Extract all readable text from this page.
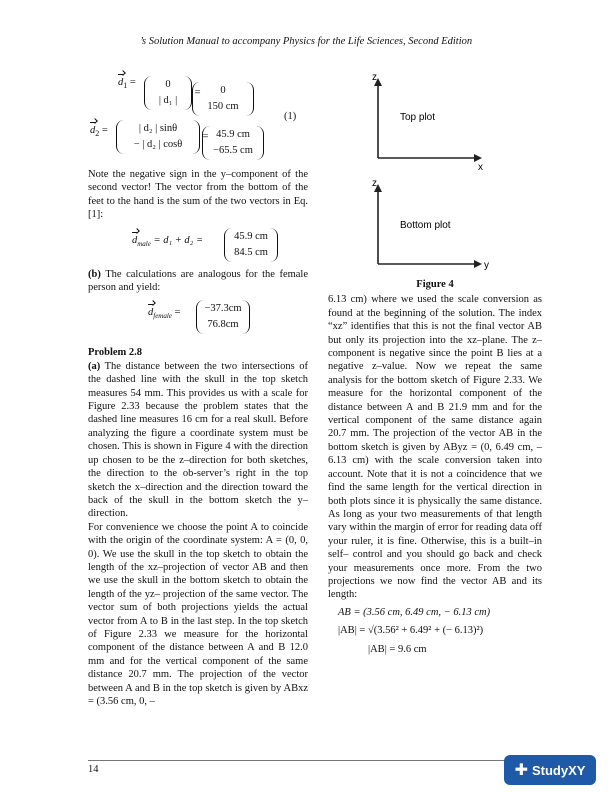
’s Solution Manual to accompany Physics for the Life Sciences, Second Edition
$d_1$ =	0
| d₁ |
=	0
150 cm
$d_2$ =	| d₂ | sinθ
− | d₂ | cosθ
= 45.9 cm
−65.5 cm
(1)

Note the negative sign in the y–component of the second vector! The vector from the bottom of the feet to the hand is the sum of the two vectors in Eq. [1]:

$d_{male} = d_1 + d_2$ =	45.9 cm
84.5 cm

(b) The calculations are analogous for the female person and yield:

$d_{female} = -37.3cm$
76.8cm
Problem 2.8

(a) The distance between the two intersections of the dashed line with the skull in the top sketch measures 54 mm. This provides us with a scale for Figure 2.33 because the problem states that the dashed line measures 16 cm for a real skull. Before analyzing the figure a coordinate system must be chosen. This is shown in Figure 4 with the direction up chosen to be the z–direction for both sketches, the direction to the ob-server’s right in the top sketch the x–direction and the direction toward the back of the skull in the bottom sketch the y–direction.

For convenience we choose the point A to coincide with the origin of the coordinate system: A = (0, 0, 0). We use the skull in the top sketch to obtain the length of the xz–projection of vector AB and then we use the skull in the bottom sketch to obtain the length of the yz– projection of the same vector. The vector sum of both projections yields the actual vector from A to B in the last step. In the top sketch of Figure 2.33 we measure for the horizontal component of the distance between A and B 12.0 mm and for the vertical component of the same distance 20.7 mm. The projection of the vector between A and B in the top sketch is given by ABxz = (3.56 cm, 0, –

z
x
Top plot
z
y
Bottom plot
Figure 4

6.13 cm) where we used the scale conversion as found at the beginning of the solution. The index “xz” identifies that this is not the final vector AB but only its projection into the xz–plane. The z–component is negative since the point B lies at a negative z–value. Now we repeat the same analysis for the bottom sketch of Figure 2.33. We measure for the horizontal component of the distance between A and B 21.9 mm and for the vertical component of the same distance again 20.7 mm. The projection of the vector AB in the bottom sketch is given by AByz = (0, 6.49 cm, – 6.13 cm) with the scale conversion taken into account. Note that it is not a coincidence that we find the same length for the vertical direction in both plots since it is physically the same distance. As long as your two measurements of that length vary within the margin of error for reading data off your ruler, it is fine. Otherwise, this is a built–in self– control and you should go back and check your measurements once more. From the two projections we now find the vector AB and its length:

AB = (3.56 cm, 6.49 cm, − 6.13 cm)
|AB| = √(3.56² + 6.49² + (− 6.13)²)
|AB| = 9.6 cm
14	✚ StudyXY
